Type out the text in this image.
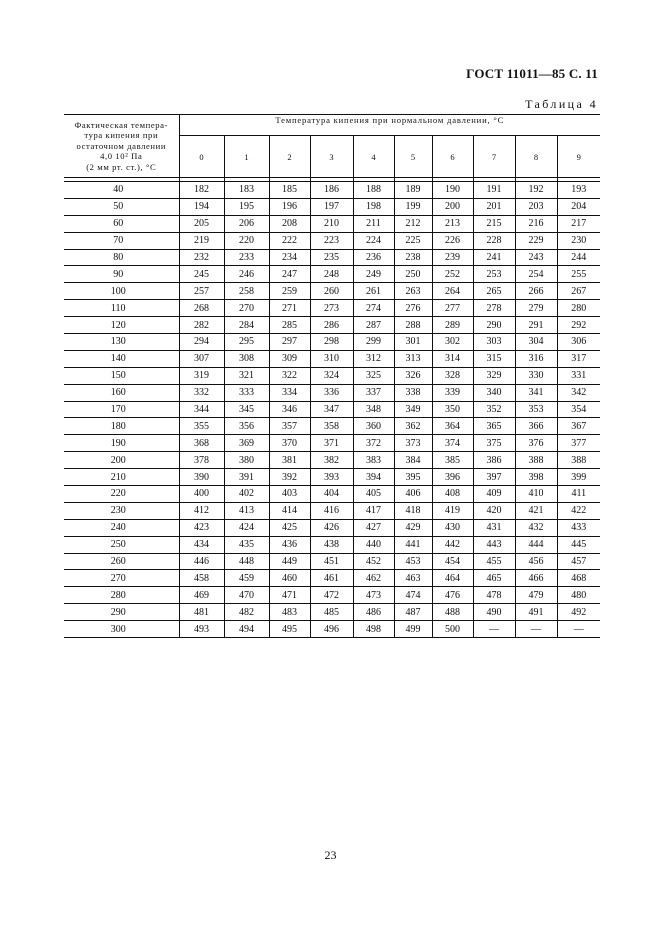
ГОСТ 11011—85 С. 11
Таблица 4
Фактическая темпера-
тура кипения при
остаточном давлении
4,0 10² Па
(2 мм рт. ст.), °С	Температура кипения при нормальном давлении, °С									
	0	1	2	3	4	5	6	7	8	9

40	182	183	185	186	188	189	190	191	192	193
50	194	195	196	197	198	199	200	201	203	204
60	205	206	208	210	211	212	213	215	216	217
70	219	220	222	223	224	225	226	228	229	230
80	232	233	234	235	236	238	239	241	243	244
90	245	246	247	248	249	250	252	253	254	255
100	257	258	259	260	261	263	264	265	266	267
110	268	270	271	273	274	276	277	278	279	280
120	282	284	285	286	287	288	289	290	291	292
130	294	295	297	298	299	301	302	303	304	306
140	307	308	309	310	312	313	314	315	316	317
150	319	321	322	324	325	326	328	329	330	331
160	332	333	334	336	337	338	339	340	341	342
170	344	345	346	347	348	349	350	352	353	354
180	355	356	357	358	360	362	364	365	366	367
190	368	369	370	371	372	373	374	375	376	377
200	378	380	381	382	383	384	385	386	388	388
210	390	391	392	393	394	395	396	397	398	399
220	400	402	403	404	405	406	408	409	410	411
230	412	413	414	416	417	418	419	420	421	422
240	423	424	425	426	427	429	430	431	432	433
250	434	435	436	438	440	441	442	443	444	445
260	446	448	449	451	452	453	454	455	456	457
270	458	459	460	461	462	463	464	465	466	468
280	469	470	471	472	473	474	476	478	479	480
290	481	482	483	485	486	487	488	490	491	492
300	493	494	495	496	498	499	500	—	—	—
23
